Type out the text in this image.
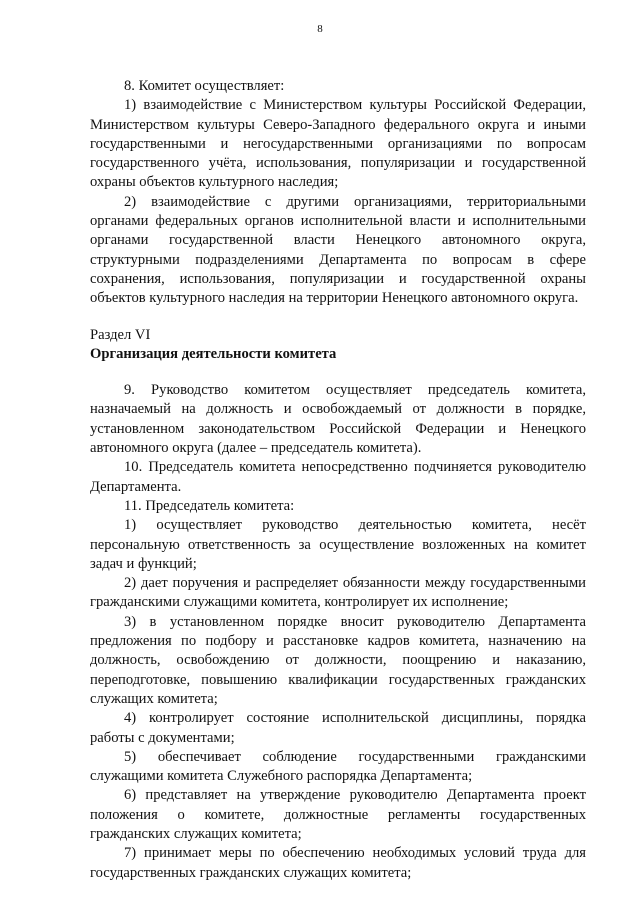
8

8. Комитет осуществляет:

1) взаимодействие с Министерством культуры Российской Федерации, Министерством культуры Северо-Западного федерального округа и иными государственными и негосударственными организациями по вопросам государственного учёта, использования, популяризации и государственной охраны объектов культурного наследия;

2) взаимодействие с другими организациями, территориальными органами федеральных органов исполнительной власти и исполнительными органами государственной власти Ненецкого автономного округа, структурными подразделениями Департамента по вопросам в сфере сохранения, использования, популяризации и государственной охраны объектов культурного наследия на территории Ненецкого автономного округа.

Раздел VI

Организация деятельности комитета

9. Руководство комитетом осуществляет председатель комитета, назначаемый на должность и освобождаемый от должности в порядке, установленном законодательством Российской Федерации и Ненецкого автономного округа (далее – председатель комитета).

10. Председатель комитета непосредственно подчиняется руководителю Департамента.

11. Председатель комитета:

1) осуществляет руководство деятельностью комитета, несёт персональную ответственность за осуществление возложенных на комитет задач и функций;

2) дает поручения и распределяет обязанности между государственными гражданскими служащими комитета, контролирует их исполнение;

3) в установленном порядке вносит руководителю Департамента предложения по подбору и расстановке кадров комитета, назначению на должность, освобождению от должности, поощрению и наказанию, переподготовке, повышению квалификации государственных гражданских служащих комитета;

4) контролирует состояние исполнительской дисциплины, порядка работы с документами;

5) обеспечивает соблюдение государственными гражданскими служащими комитета Служебного распорядка Департамента;

6) представляет на утверждение руководителю Департамента проект положения о комитете, должностные регламенты государственных гражданских служащих комитета;

7) принимает меры по обеспечению необходимых условий труда для государственных гражданских служащих комитета;
